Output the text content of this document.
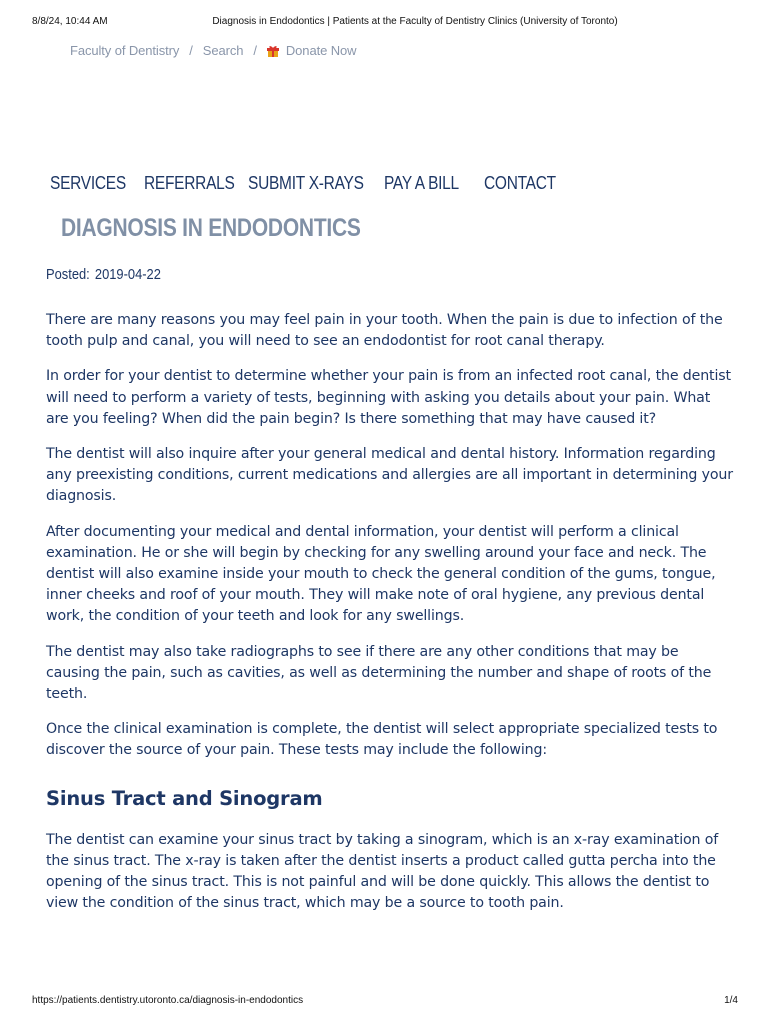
8/8/24, 10:44 AM	Diagnosis in Endodontics | Patients at the Faculty of Dentistry Clinics (University of Toronto)
Faculty of Dentistry / Search / Donate Now
SERVICES	REFERRALS SUBMIT X-RAYS	PAY A BILL	CONTACT
DIAGNOSIS IN ENDODONTICS
Posted: 2019-04-22

There are many reasons you may feel pain in your tooth. When the pain is due to infection of the tooth pulp and canal, you will need to see an endodontist for root canal therapy.

In order for your dentist to determine whether your pain is from an infected root canal, the dentist will need to perform a variety of tests, beginning with asking you details about your pain. What are you feeling? When did the pain begin? Is there something that may have caused it?

The dentist will also inquire after your general medical and dental history. Information regarding any preexisting conditions, current medications and allergies are all important in determining your diagnosis.

After documenting your medical and dental information, your dentist will perform a clinical examination. He or she will begin by checking for any swelling around your face and neck. The dentist will also examine inside your mouth to check the general condition of the gums, tongue, inner cheeks and roof of your mouth. They will make note of oral hygiene, any previous dental work, the condition of your teeth and look for any swellings.

The dentist may also take radiographs to see if there are any other conditions that may be causing the pain, such as cavities, as well as determining the number and shape of roots of the teeth.

Once the clinical examination is complete, the dentist will select appropriate specialized tests to discover the source of your pain. These tests may include the following:

Sinus Tract and Sinogram

The dentist can examine your sinus tract by taking a sinogram, which is an x-ray examination of the sinus tract. The x-ray is taken after the dentist inserts a product called gutta percha into the opening of the sinus tract. This is not painful and will be done quickly. This allows the dentist to view the condition of the sinus tract, which may be a source to tooth pain.

https://patients.dentistry.utoronto.ca/diagnosis-in-endodontics	1/4
